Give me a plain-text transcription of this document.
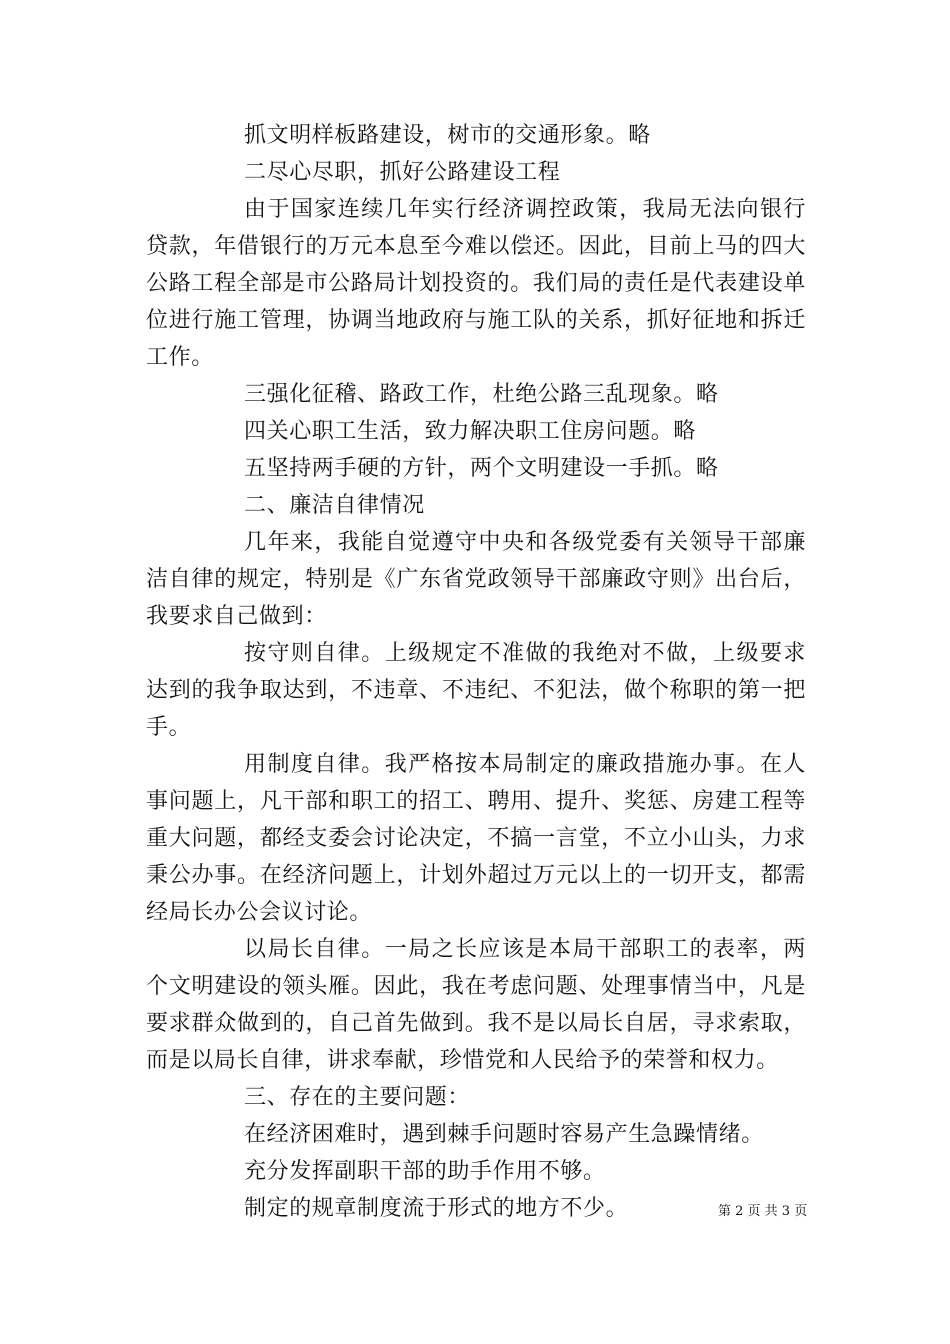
抓文明样板路建设，树市的交通形象。略

二尽心尽职，抓好公路建设工程

由于国家连续几年实行经济调控政策，我局无法向银行贷款，年借银行的万元本息至今难以偿还。因此，目前上马的四大公路工程全部是市公路局计划投资的。我们局的责任是代表建设单位进行施工管理，协调当地政府与施工队的关系，抓好征地和拆迁工作。

三强化征稽、路政工作，杜绝公路三乱现象。略

四关心职工生活，致力解决职工住房问题。略

五坚持两手硬的方针，两个文明建设一手抓。略

二、廉洁自律情况

几年来，我能自觉遵守中央和各级党委有关领导干部廉洁自律的规定，特别是《广东省党政领导干部廉政守则》出台后，我要求自己做到：

按守则自律。上级规定不准做的我绝对不做，上级要求达到的我争取达到，不违章、不违纪、不犯法，做个称职的第一把手。

用制度自律。我严格按本局制定的廉政措施办事。在人事问题上，凡干部和职工的招工、聘用、提升、奖惩、房建工程等重大问题，都经支委会讨论决定，不搞一言堂，不立小山头，力求秉公办事。在经济问题上，计划外超过万元以上的一切开支，都需经局长办公会议讨论。

以局长自律。一局之长应该是本局干部职工的表率，两个文明建设的领头雁。因此，我在考虑问题、处理事情当中，凡是要求群众做到的，自己首先做到。我不是以局长自居，寻求索取，而是以局长自律，讲求奉献，珍惜党和人民给予的荣誉和权力。

三、存在的主要问题：

在经济困难时，遇到棘手问题时容易产生急躁情绪。

充分发挥副职干部的助手作用不够。

制定的规章制度流于形式的地方不少。	第 2 页 共 3 页
